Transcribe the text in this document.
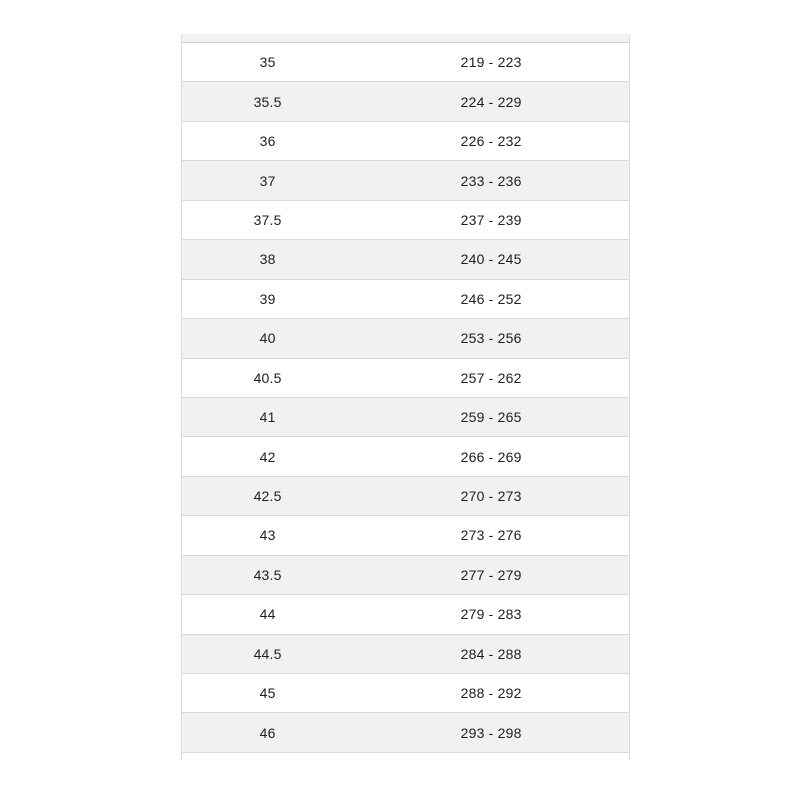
35	219 - 223
35.5	224 - 229
36	226 - 232
37	233 - 236
37.5	237 - 239
38	240 - 245
39	246 - 252
40	253 - 256
40.5	257 - 262
41	259 - 265
42	266 - 269
42.5	270 - 273
43	273 - 276
43.5	277 - 279
44	279 - 283
44.5	284 - 288
45	288 - 292
46	293 - 298
